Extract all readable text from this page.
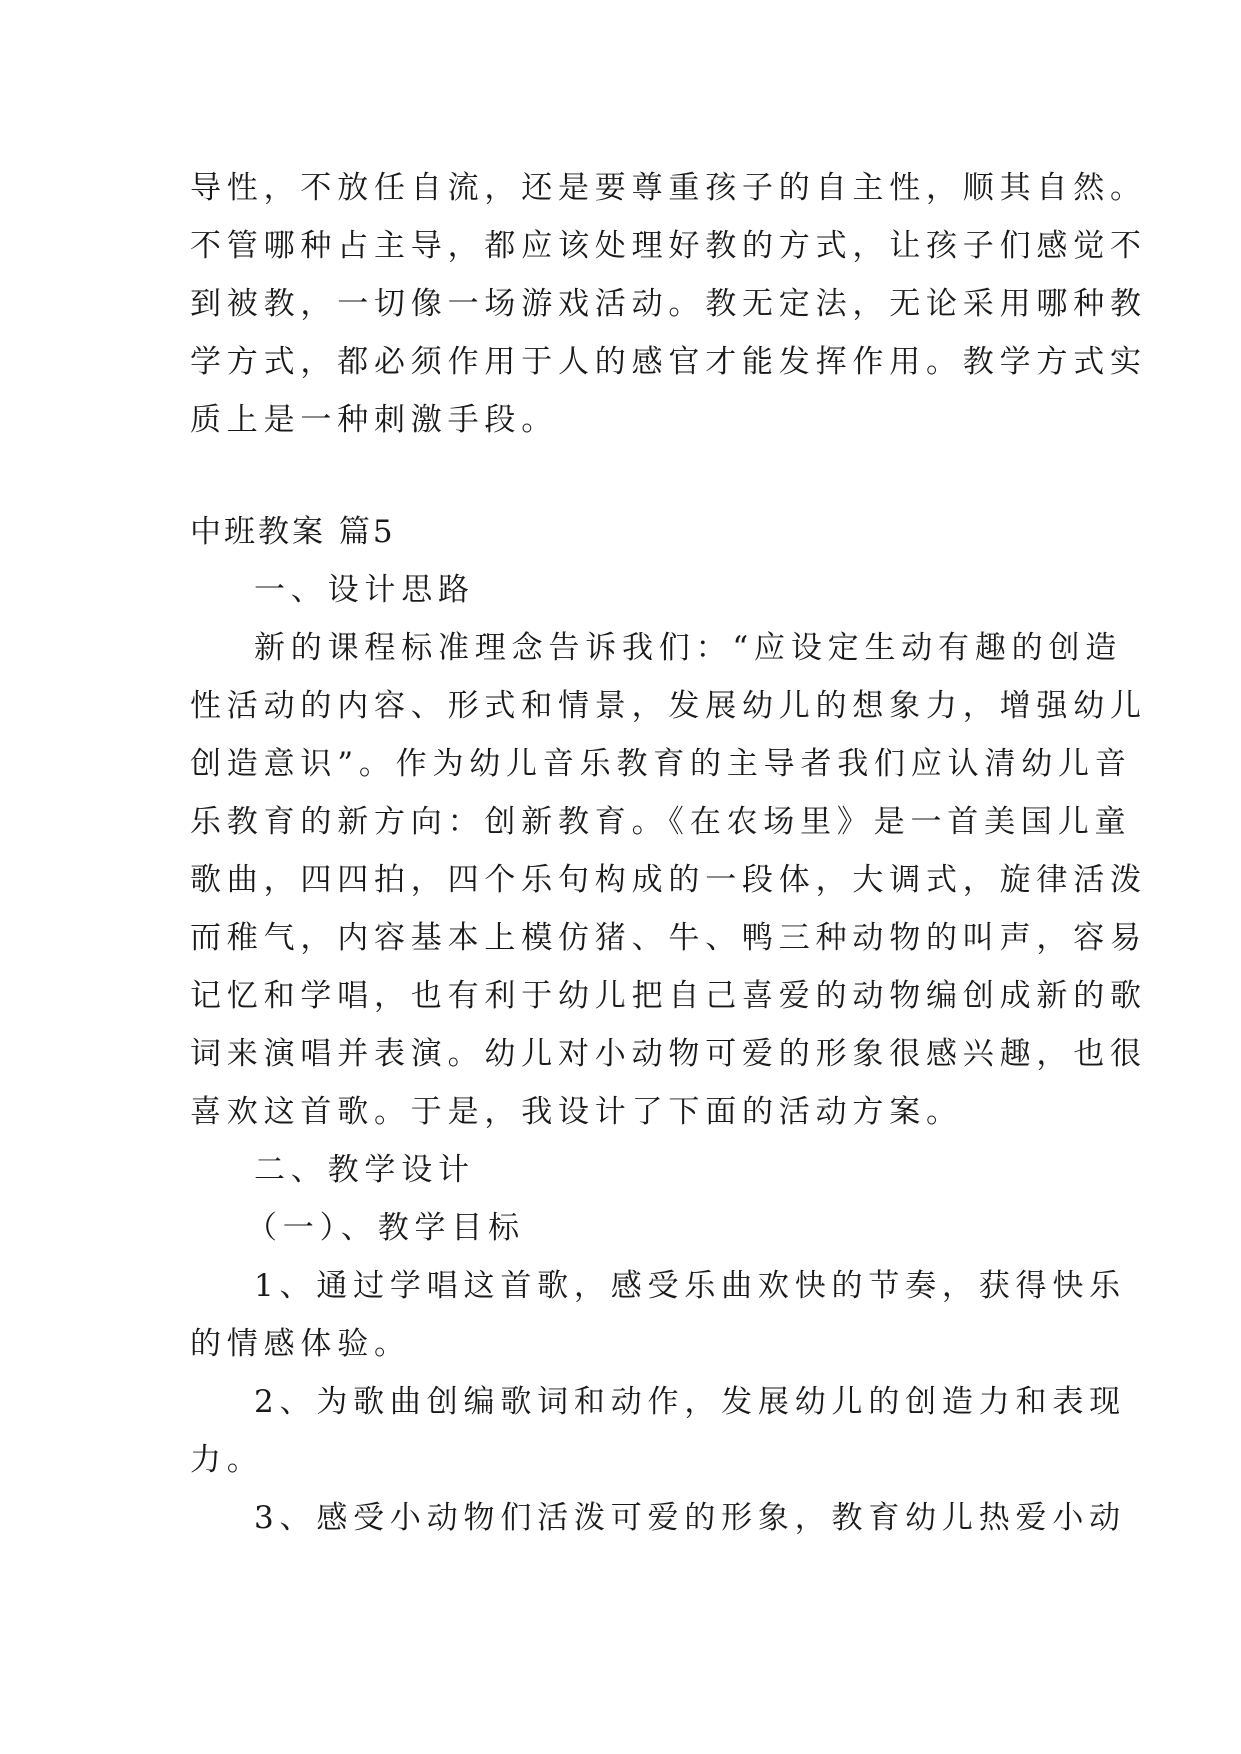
导性，不放任自流，还是要尊重孩子的自主性，顺其自然。
不管哪种占主导，都应该处理好教的方式，让孩子们感觉不
到被教，一切像一场游戏活动。教无定法，无论采用哪种教
学方式，都必须作用于人的感官才能发挥作用。教学方式实
质上是一种刺激手段。
中班教案 篇5
一、设计思路
新的课程标准理念告诉我们：“应设定生动有趣的创造
性活动的内容、形式和情景，发展幼儿的想象力，增强幼儿
创造意识”。作为幼儿音乐教育的主导者我们应认清幼儿音
乐教育的新方向：创新教育。《在农场里》是一首美国儿童
歌曲，四四拍，四个乐句构成的一段体，大调式，旋律活泼
而稚气，内容基本上模仿猪、牛、鸭三种动物的叫声，容易
记忆和学唱，也有利于幼儿把自己喜爱的动物编创成新的歌
词来演唱并表演。幼儿对小动物可爱的形象很感兴趣，也很
喜欢这首歌。于是，我设计了下面的活动方案。
二、教学设计
（一）、教学目标
1、通过学唱这首歌，感受乐曲欢快的节奏，获得快乐
的情感体验。
2、为歌曲创编歌词和动作，发展幼儿的创造力和表现
力。
3、感受小动物们活泼可爱的形象，教育幼儿热爱小动
